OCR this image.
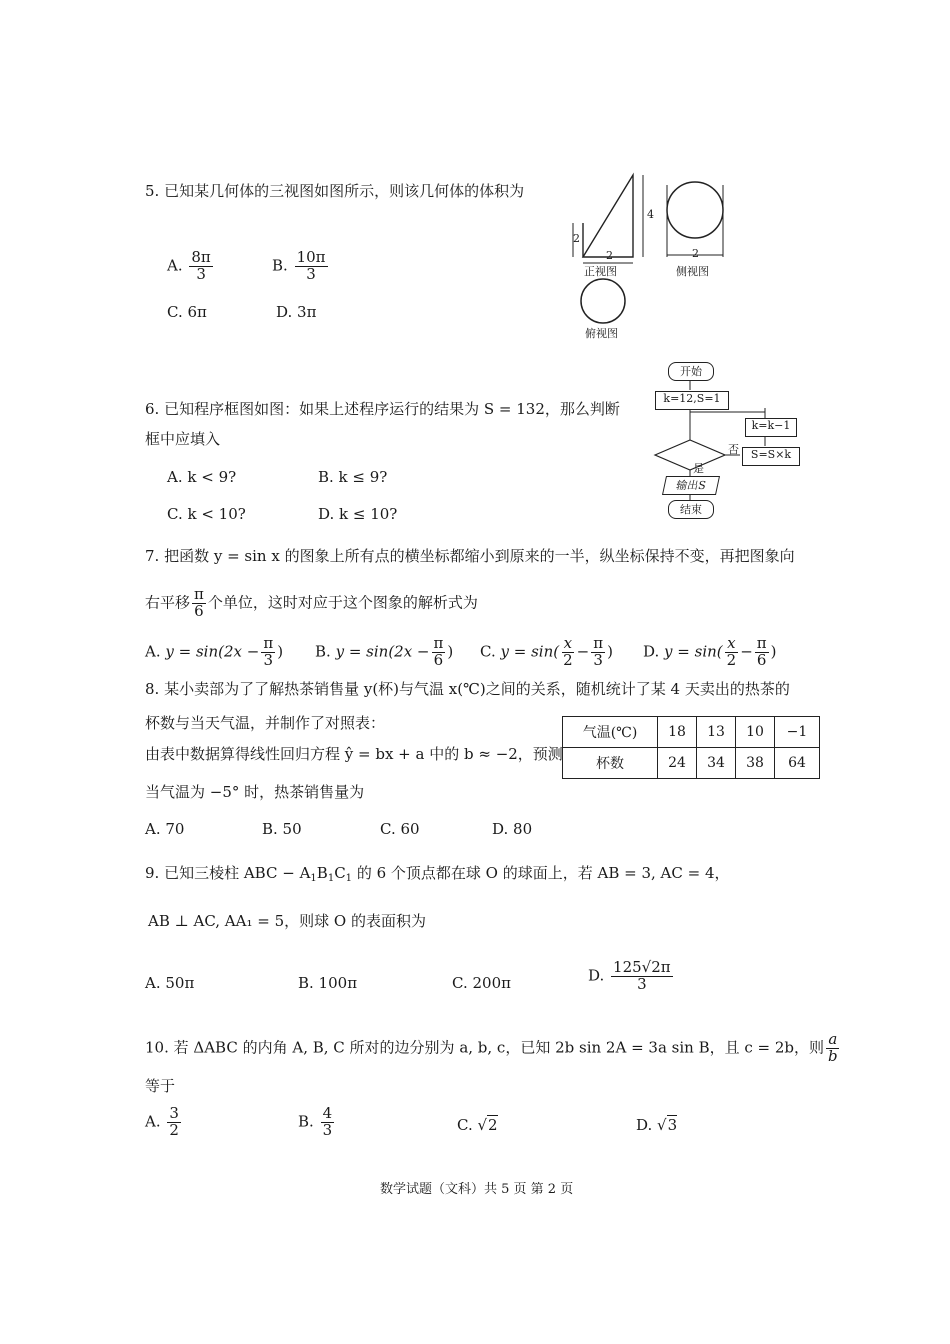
5. 已知某几何体的三视图如图所示，则该几何体的体积为
A. $\frac{8\pi}{3}$	B. $\frac{10\pi}{3}$
C. 6π	D. 3π
2
4
2	2
正视图	侧视图
俯视图
6. 已知程序框图如图：如果上述程序运行的结果为 S = 132，那么判断
框中应填入
A. k < 9?	B. k ≤ 9?
C. k < 10?	D. k ≤ 10?
开始
k=12,S=1
k=k−1
S=S×k
否
是
输出S
结束
7. 把函数 y = sin x 的图象上所有点的横坐标都缩小到原来的一半，纵坐标保持不变，再把图象向
右平移 $\frac{\pi}{6}$ 个单位，这时对应于这个图象的解析式为
A. $y = \sin(2x - \frac{\pi}{3}$ ) B. $y = \sin(2x - \frac{\pi}{6}$ ) C. $y = \sin( \frac{x}{2} - \frac{\pi}{3}$ ) D. $y = \sin( \frac{x}{2} - \frac{\pi}{6}$ )
8. 某小卖部为了了解热茶销售量 y(杯)与气温 x(℃)之间的关系，随机统计了某 4 天卖出的热茶的
杯数与当天气温，并制作了对照表：
由表中数据算得线性回归方程 ŷ = bx + a 中的 b ≈ −2，预测
当气温为 −5° 时，热茶销售量为
气温(℃)	18	13	10	−1
杯数	24	34	38	64
A. 70	B. 50	C. 60	D. 80
9. 已知三棱柱 ABC − $A_1B_1C_1$ 的 6 个顶点都在球 O 的球面上，若 AB = 3, AC = 4，
AB ⊥ AC, AA₁ = 5，则球 O 的表面积为
A. 50π	B. 100π	C. 200π	D. $\frac{125√2\pi}{3}$
10. 若 ΔABC 的内角 A, B, C 所对的边分别为 a, b, c，已知 2b sin 2A = 3a sin B，且 c = 2b，则 $\frac{a}{b}$
等于
A. $\frac{3}{2}$	B. $\frac{4}{3}$	C. √2	D. √3
数学试题（文科）共 5 页 第 2 页
